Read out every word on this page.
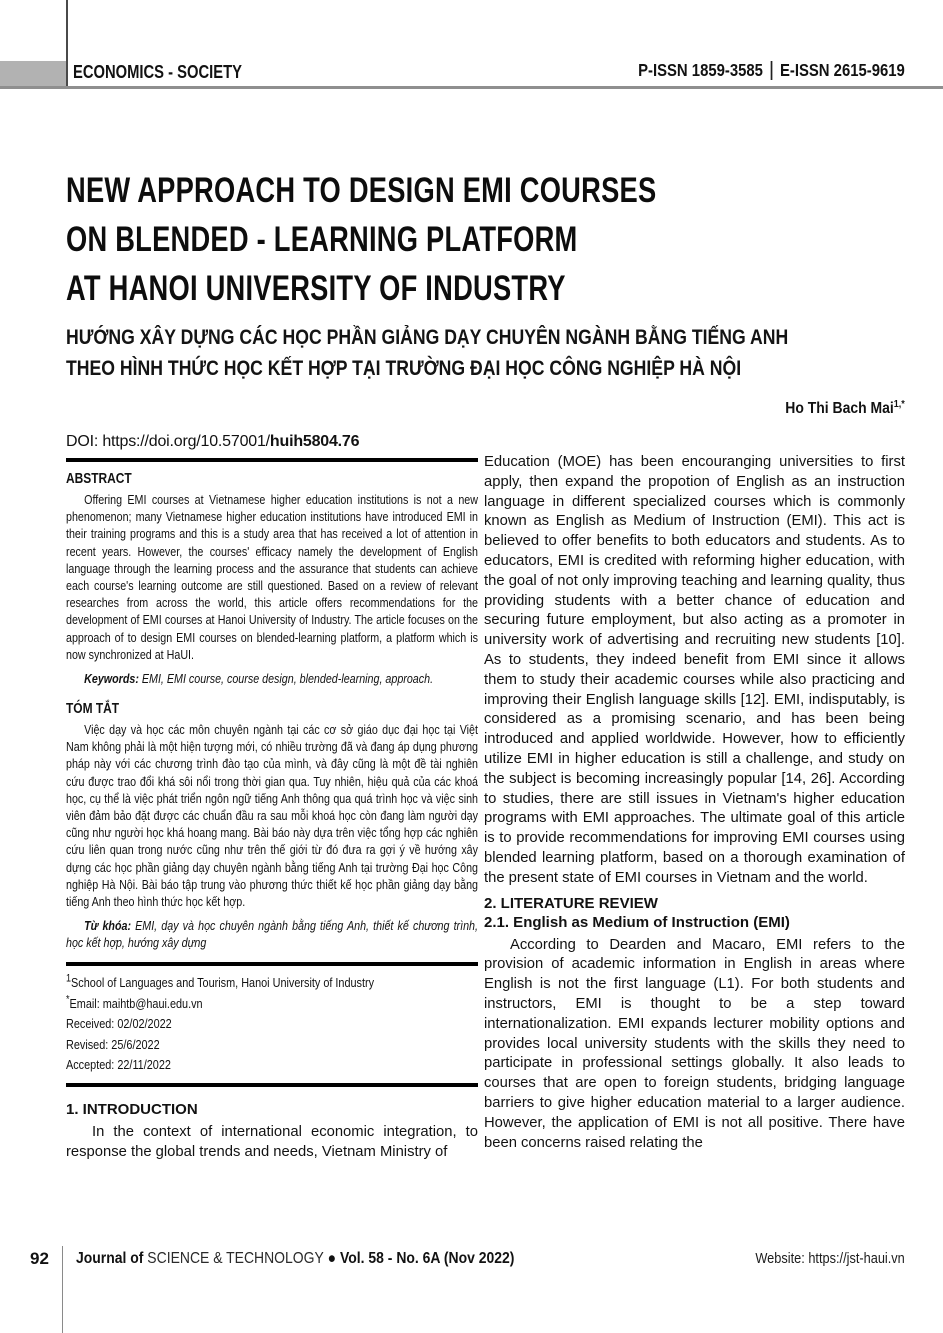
ECONOMICS - SOCIETY	P-ISSN 1859-3585 E-ISSN 2615-9619
NEW APPROACH TO DESIGN EMI COURSES
ON BLENDED - LEARNING PLATFORM
AT HANOI UNIVERSITY OF INDUSTRY
HƯỚNG XÂY DỰNG CÁC HỌC PHẦN GIẢNG DẠY CHUYÊN NGÀNH BẰNG TIẾNG ANH
THEO HÌNH THỨC HỌC KẾT HỢP TẠI TRƯỜNG ĐẠI HỌC CÔNG NGHIỆP HÀ NỘI
Ho Thi Bach Mai$^{1,*}$

DOI: https://doi.org/10.57001/huih5804.76

ABSTRACT

Offering EMI courses at Vietnamese higher education institutions is not a new phenomenon; many Vietnamese higher education institutions have introduced EMI in their training programs and this is a study area that has received a lot of attention in recent years. However, the courses' efficacy namely the development of English language through the learning process and the assurance that students can achieve each course's learning outcome are still questioned. Based on a review of relevant researches from across the world, this article offers recommendations for the development of EMI courses at Hanoi University of Industry. The article focuses on the approach of to design EMI courses on blended-learning platform, a platform which is now synchronized at HaUI.

Keywords: EMI, EMI course, course design, blended-learning, approach.

TÓM TẮT

Việc dạy và học các môn chuyên ngành tại các cơ sở giáo dục đại học tại Việt Nam không phải là một hiện tượng mới, có nhiều trường đã và đang áp dụng phương pháp này với các chương trình đào tạo của mình, và đây cũng là một đề tài nghiên cứu được trao đổi khá sôi nổi trong thời gian qua. Tuy nhiên, hiệu quả của các khoá học, cụ thể là việc phát triển ngôn ngữ tiếng Anh thông qua quá trình học và việc sinh viên đảm bảo đặt được các chuẩn đầu ra sau mỗi khoá học còn đang làm người dạy cũng như người học khá hoang mang. Bài báo này dựa trên việc tổng hợp các nghiên cứu liên quan trong nước cũng như trên thế giới từ đó đưa ra gợi ý về hướng xây dựng các học phần giảng dạy chuyên ngành bằng tiếng Anh tại trường Đại học Công nghiệp Hà Nội. Bài báo tập trung vào phương thức thiết kế học phần giảng dạy bằng tiếng Anh theo hình thức học kết hợp.

Từ khóa: EMI, dạy và học chuyên ngành bằng tiếng Anh, thiết kế chương trình, học kết hợp, hướng xây dựng

$^1$School of Languages and Tourism, Hanoi University of Industry
*Email: maihtb@haui.edu.vn
Received: 02/02/2022
Revised: 25/6/2022
Accepted: 22/11/2022
1. INTRODUCTION

In the context of international economic integration, to response the global trends and needs, Vietnam Ministry of

Education (MOE) has been encouranging universities to first apply, then expand the propotion of English as an instruction language in different specialized courses which is commonly known as English as Medium of Instruction (EMI). This act is believed to offer benefits to both educators and students. As to educators, EMI is credited with reforming higher education, with the goal of not only improving teaching and learning quality, thus providing students with a better chance of education and securing future employment, but also acting as a promoter in university work of advertising and recruiting new students [10]. As to students, they indeed benefit from EMI since it allows them to study their academic courses while also practicing and improving their English language skills [12]. EMI, indisputably, is considered as a promising scenario, and has been being introduced and applied worldwide. However, how to efficiently utilize EMI in higher education is still a challenge, and study on the subject is becoming increasingly popular [14, 26]. According to studies, there are still issues in Vietnam's higher education programs with EMI approaches. The ultimate goal of this article is to provide recommendations for improving EMI courses using blended learning platform, based on a thorough examination of the present state of EMI courses in Vietnam and the world.

2. LITERATURE REVIEW
2.1. English as Medium of Instruction (EMI)

According to Dearden and Macaro, EMI refers to the provision of academic information in English in areas where English is not the first language (L1). For both students and instructors, EMI is thought to be a step toward internationalization. EMI expands lecturer mobility options and provides local university students with the skills they need to participate in professional settings globally. It also leads to courses that are open to foreign students, bridging language barriers to give higher education material to a larger audience. However, the application of EMI is not all positive. There have been concerns raised relating the

92 Journal of SCIENCE & TECHNOLOGY ● Vol. 58 - No. 6A (Nov 2022)	Website: https://jst-haui.vn
